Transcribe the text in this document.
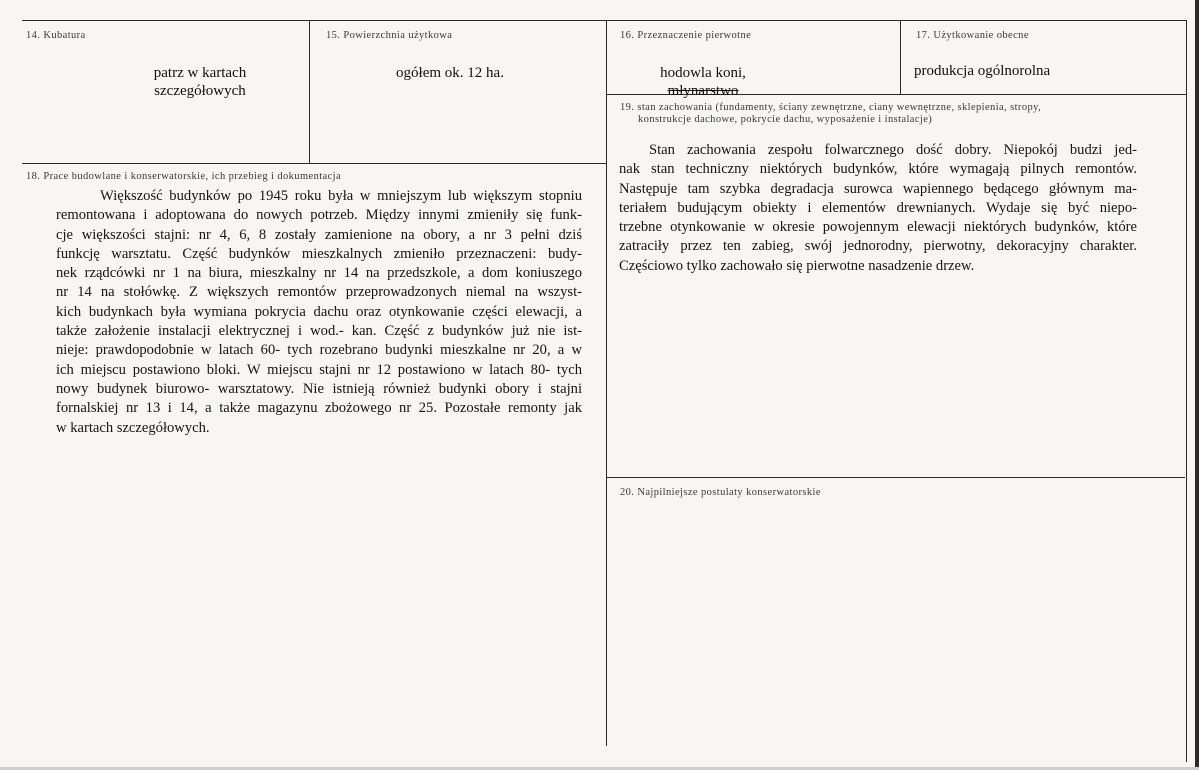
14. Kubatura
patrz w kartach
szczegółowych
15. Powierzchnia użytkowa
ogółem ok. 12 ha.
16. Przeznaczenie pierwotne
hodowla koni,
młynarstwo
17. Użytkowanie obecne
produkcja ogólnorolna
19. stan zachowania (fundamenty, ściany zewnętrzne, ciany wewnętrzne, sklepienia, stropy,
konstrukcje dachowe, pokrycie dachu, wyposażenie i instalacje)
Stan zachowania zespołu folwarcznego dość dobry. Niepokój budzi jed-
nak stan techniczny niektórych budynków, które wymagają pilnych remontów.
Następuje tam szybka degradacja surowca wapiennego będącego głównym ma-
teriałem budującym obiekty i elementów drewnianych. Wydaje się być niepo-
trzebne otynkowanie w okresie powojennym elewacji niektórych budynków, które
zatraciły przez ten zabieg, swój jednorodny, pierwotny, dekoracyjny charakter.
Częściowo tylko zachowało się pierwotne nasadzenie drzew.
18. Prace budowlane i konserwatorskie, ich przebieg i dokumentacja
Większość budynków po 1945 roku była w mniejszym lub większym stopniu
remontowana i adoptowana do nowych potrzeb. Między innymi zmieniły się funk-
cje większości stajni: nr 4, 6, 8 zostały zamienione na obory, a nr 3 pełni dziś
funkcję warsztatu. Część budynków mieszkalnych zmieniło przeznaczeni: budy-
nek rządcówki nr 1 na biura, mieszkalny nr 14 na przedszkole, a dom koniuszego
nr 14 na stołówkę. Z większych remontów przeprowadzonych niemal na wszyst-
kich budynkach była wymiana pokrycia dachu oraz otynkowanie części elewacji, a
także założenie instalacji elektrycznej i wod.- kan. Część z budynków już nie ist-
nieje: prawdopodobnie w latach 60- tych rozebrano budynki mieszkalne nr 20, a w
ich miejscu postawiono bloki. W miejscu stajni nr 12 postawiono w latach 80- tych
nowy budynek biurowo- warsztatowy. Nie istnieją również budynki obory i stajni
fornalskiej nr 13 i 14, a także magazynu zbożowego nr 25. Pozostałe remonty jak
w kartach szczegółowych.
20. Najpilniejsze postulaty konserwatorskie
